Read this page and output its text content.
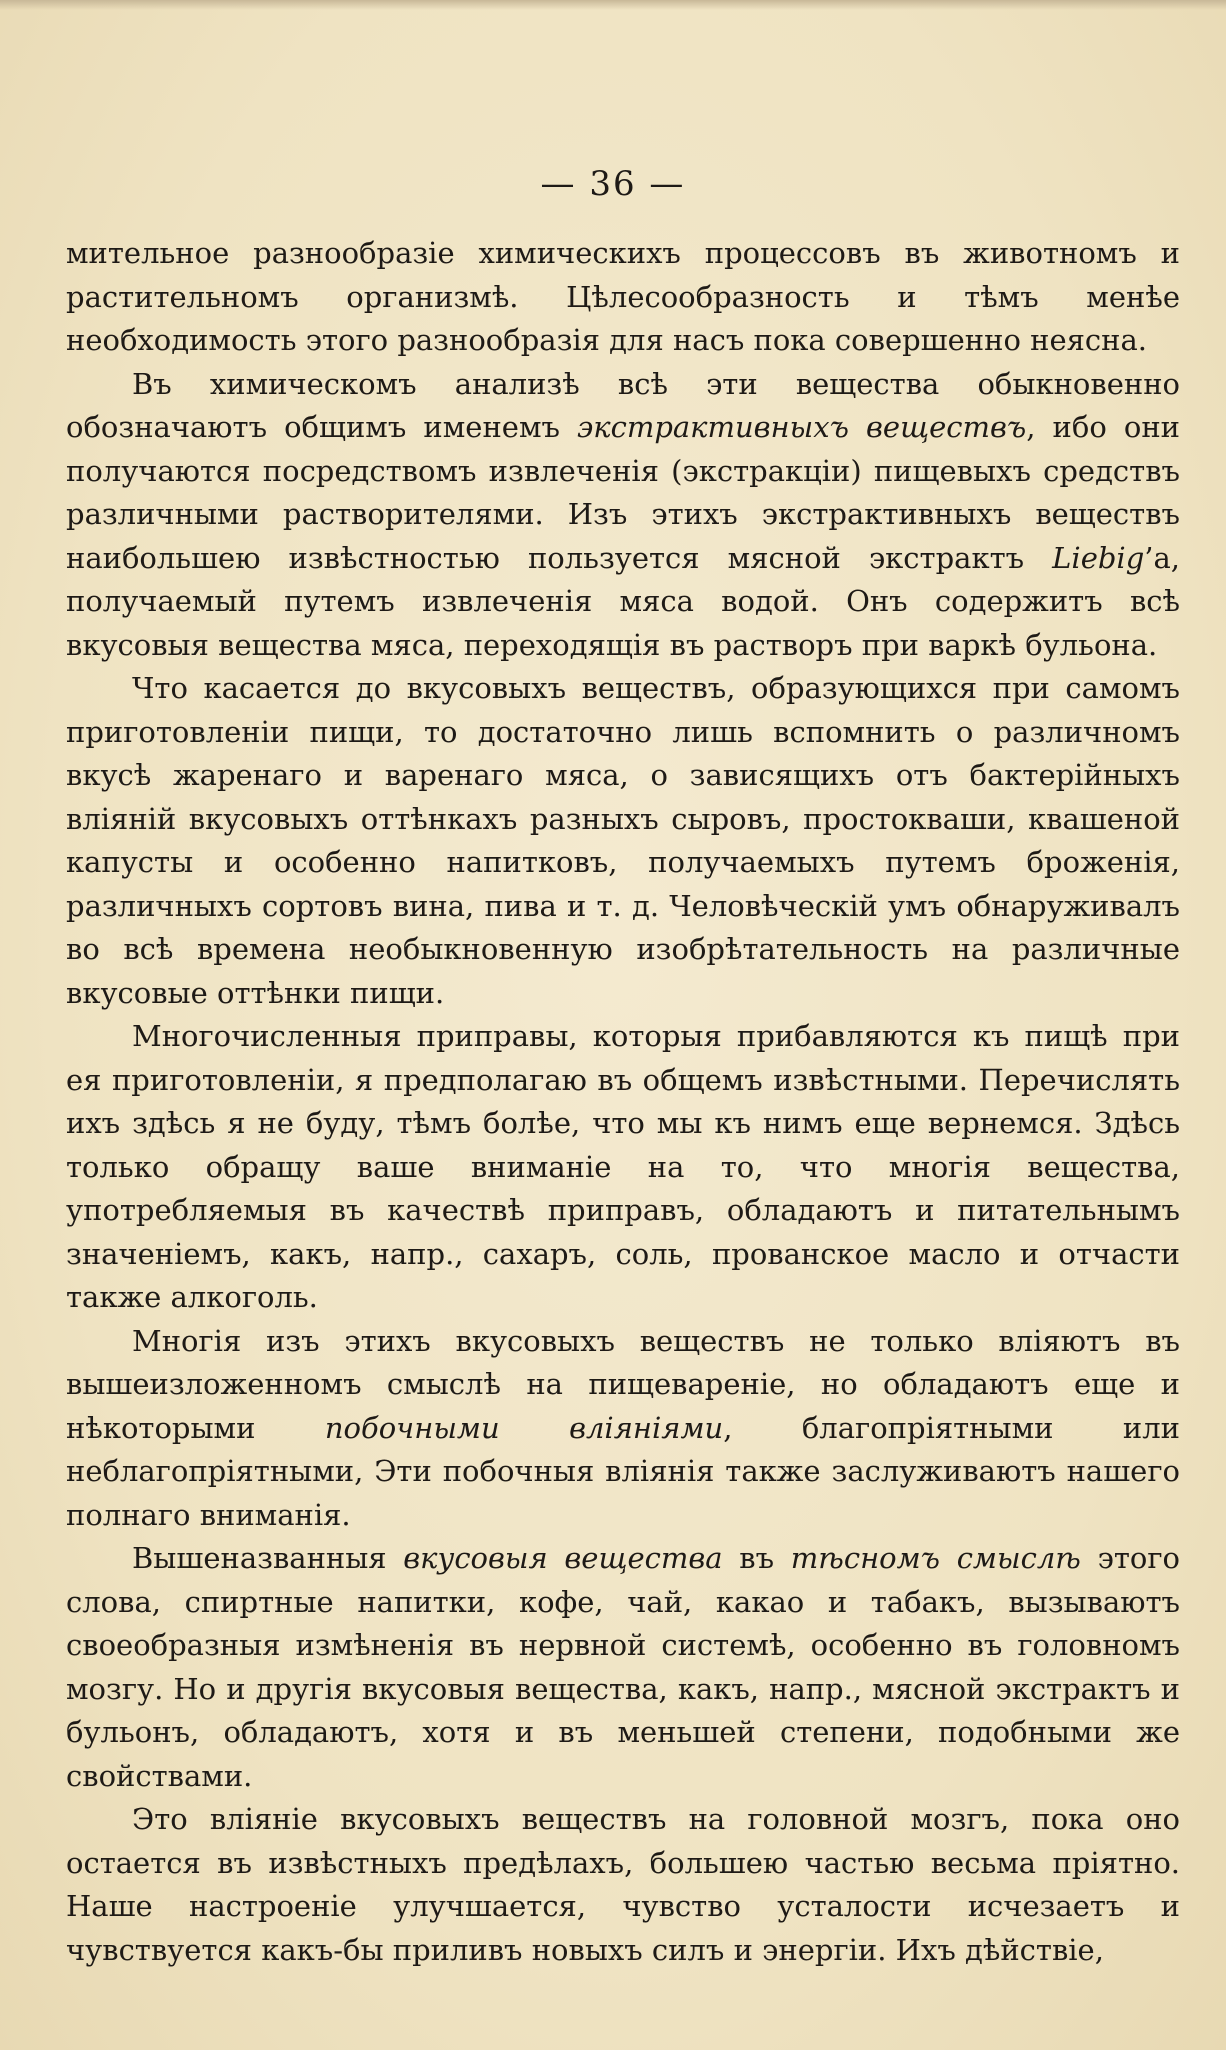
— 36 —

мительное разнообразіе химическихъ процессовъ въ животномъ и растительномъ организмѣ. Цѣлесообразность и тѣмъ менѣе необходимость этого разнообразія для насъ пока совершенно неясна.

Въ химическомъ анализѣ всѣ эти вещества обыкновенно обозначаютъ общимъ именемъ экстрактивныхъ веществъ, ибо они получаются посредствомъ извлеченія (экстракціи) пищевыхъ средствъ различными растворителями. Изъ этихъ экстрактивныхъ веществъ наибольшею извѣстностью пользуется мясной экстрактъ Liebig’а, получаемый путемъ извлеченія мяса водой. Онъ содержитъ всѣ вкусовыя вещества мяса, переходящія въ растворъ при варкѣ бульона.

Что касается до вкусовыхъ веществъ, образующихся при самомъ приготовленіи пищи, то достаточно лишь вспомнить о различномъ вкусѣ жаренаго и варенаго мяса, о зависящихъ отъ бактерійныхъ вліяній вкусовыхъ оттѣнкахъ разныхъ сыровъ, простокваши, квашеной капусты и особенно напитковъ, получаемыхъ путемъ броженія, различныхъ сортовъ вина, пива и т. д. Человѣческій умъ обнаруживалъ во всѣ времена необыкновенную изобрѣтательность на различные вкусовые оттѣнки пищи.

Многочисленныя приправы, которыя прибавляются къ пищѣ при ея приготовленіи, я предполагаю въ общемъ извѣстными. Перечислять ихъ здѣсь я не буду, тѣмъ болѣе, что мы къ нимъ еще вернемся. Здѣсь только обращу ваше вниманіе на то, что многія вещества, употребляемыя въ качествѣ приправъ, обладаютъ и питательнымъ значеніемъ, какъ, напр., сахаръ, соль, прованское масло и отчасти также алкоголь.

Многія изъ этихъ вкусовыхъ веществъ не только вліяютъ въ вышеизложенномъ смыслѣ на пищевареніе, но обладаютъ еще и нѣкоторыми побочными вліяніями, благопріятными или неблагопріятными, Эти побочныя вліянія также заслуживаютъ нашего полнаго вниманія.

Вышеназванныя вкусовыя вещества въ тѣсномъ смыслѣ этого слова, спиртные напитки, кофе, чай, какао и табакъ, вызываютъ своеобразныя измѣненія въ нервной системѣ, особенно въ головномъ мозгу. Но и другія вкусовыя вещества, какъ, напр., мясной экстрактъ и бульонъ, обладаютъ, хотя и въ меньшей степени, подобными же свойствами.

Это вліяніе вкусовыхъ веществъ на головной мозгъ, пока оно остается въ извѣстныхъ предѣлахъ, большею частью весьма пріятно. Наше настроеніе улучшается, чувство усталости исчезаетъ и чувствуется какъ-бы приливъ новыхъ силъ и энергіи. Ихъ дѣйствіе,
